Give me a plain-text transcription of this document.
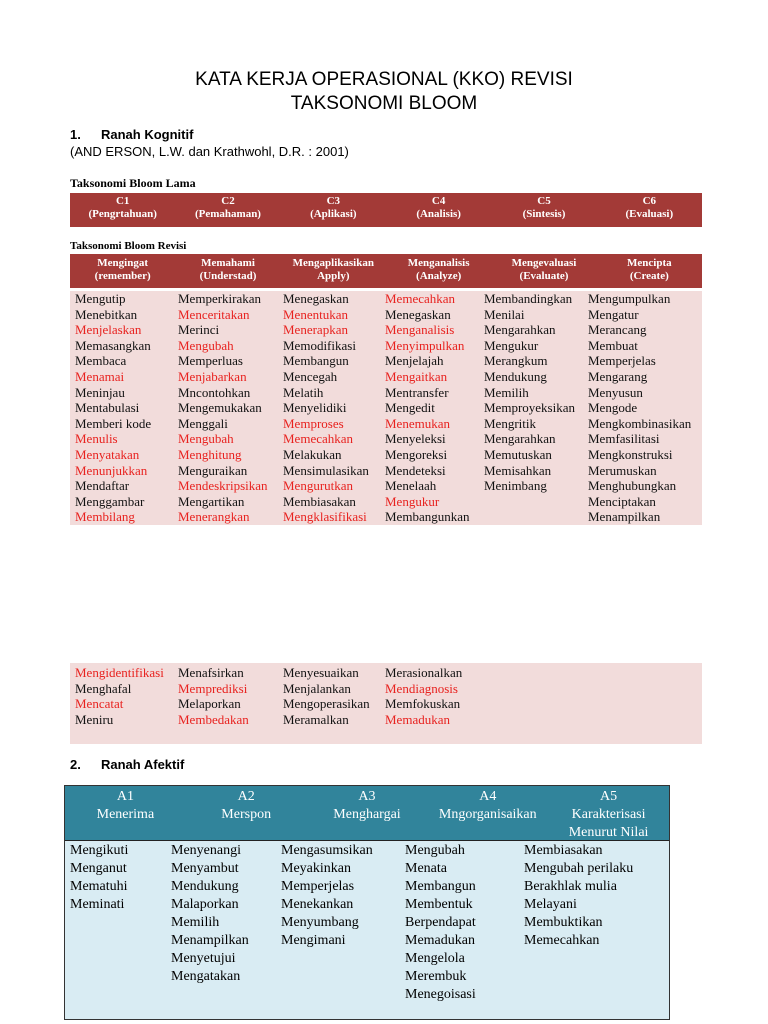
KATA KERJA OPERASIONAL (KKO) REVISI
TAKSONOMI BLOOM
1. Ranah Kognitif
(AND ERSON, L.W. dan Krathwohl, D.R. : 2001)
Taksonomi Bloom Lama
C1
(Pengrtahuan)
C2
(Pemahaman)
C3
(Aplikasi)
C4
(Analisis)
C5
(Sintesis)
C6
(Evaluasi)
Taksonomi Bloom Revisi
Mengingat
(remember)
Memahami
(Understad)
Mengaplikasikan
Apply)
Menganalisis
(Analyze)
Mengevaluasi
(Evaluate)
Mencipta
(Create)
Mengutip
Menebitkan
Menjelaskan
Memasangkan
Membaca
Menamai
Meninjau
Mentabulasi
Memberi kode
Menulis
Menyatakan
Menunjukkan
Mendaftar
Menggambar
Membilang
Memperkirakan
Menceritakan
Merinci
Mengubah
Memperluas
Menjabarkan
Mncontohkan
Mengemukakan
Menggali
Mengubah
Menghitung
Menguraikan
Mendeskripsikan
Mengartikan
Menerangkan
Menegaskan
Menentukan
Menerapkan
Memodifikasi
Membangun
Mencegah
Melatih
Menyelidiki
Memproses
Memecahkan
Melakukan
Mensimulasikan
Mengurutkan
Membiasakan
Mengklasifikasi
Memecahkan
Menegaskan
Menganalisis
Menyimpulkan
Menjelajah
Mengaitkan
Mentransfer
Mengedit
Menemukan
Menyeleksi
Mengoreksi
Mendeteksi
Menelaah
Mengukur
Membangunkan
Membandingkan
Menilai
Mengarahkan
Mengukur
Merangkum
Mendukung
Memilih
Memproyeksikan
Mengritik
Mengarahkan
Memutuskan
Memisahkan
Menimbang
Mengumpulkan
Mengatur
Merancang
Membuat
Memperjelas
Mengarang
Menyusun
Mengode
Mengkombinasikan
Memfasilitasi
Mengkonstruksi
Merumuskan
Menghubungkan
Menciptakan
Menampilkan
Mengidentifikasi
Menghafal
Mencatat
Meniru
Menafsirkan
Memprediksi
Melaporkan
Membedakan
Menyesuaikan
Menjalankan
Mengoperasikan
Meramalkan
Merasionalkan
Mendiagnosis
Memfokuskan
Memadukan
2. Ranah Afektif
A1
Menerima
A2
Merspon
A3
Menghargai
A4
Mngorganisaikan
A5
Karakterisasi Menurut Nilai
Mengikuti
Menganut
Mematuhi
Meminati
Menyenangi
Menyambut
Mendukung
Malaporkan
Memilih
Menampilkan
Menyetujui
Mengatakan
Mengasumsikan
Meyakinkan
Memperjelas
Menekankan
Menyumbang
Mengimani
Mengubah
Menata
Membangun
Membentuk
Berpendapat
Memadukan
Mengelola
Merembuk
Menegoisasi
Membiasakan
Mengubah perilaku
Berakhlak mulia
Melayani
Membuktikan
Memecahkan
